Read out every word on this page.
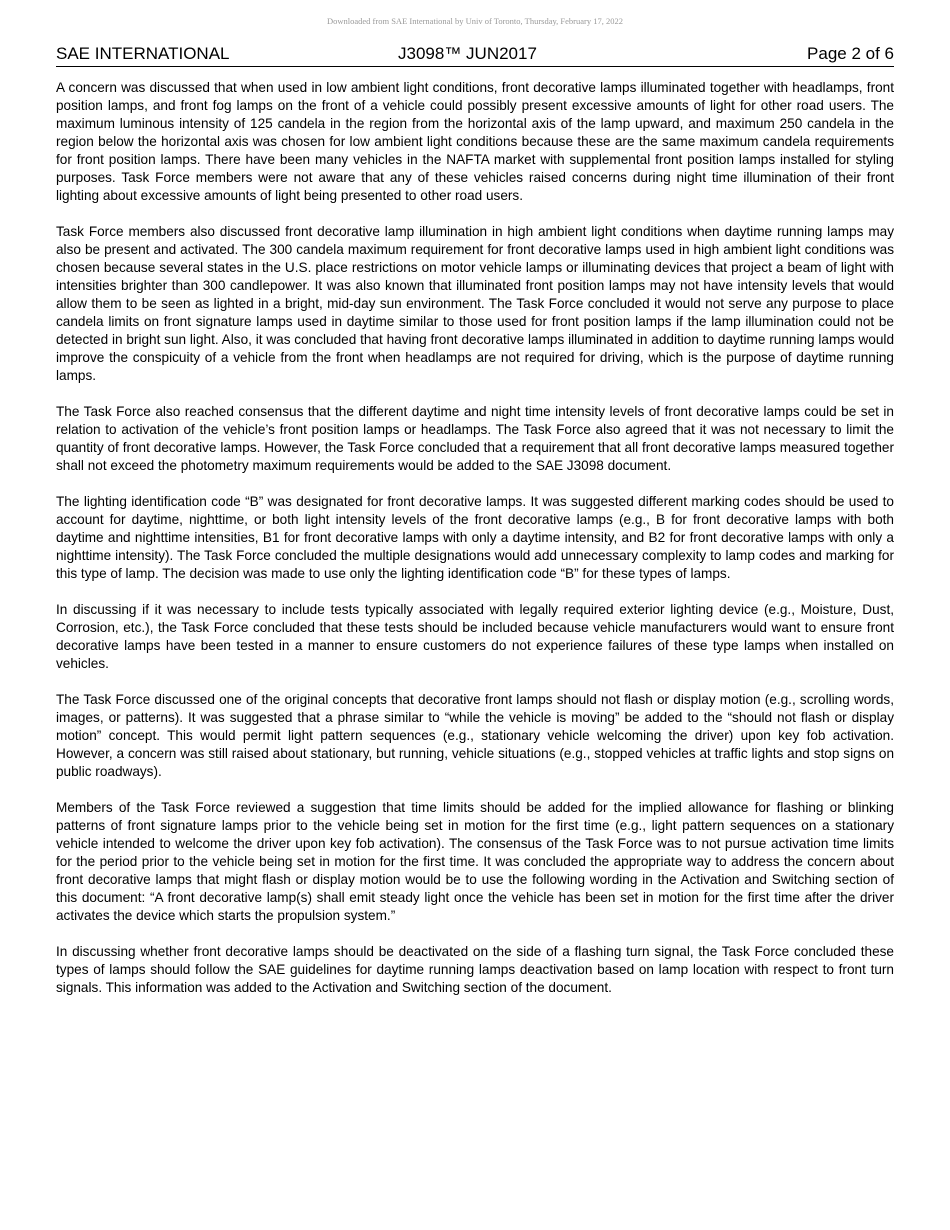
Downloaded from SAE International by Univ of Toronto, Thursday, February 17, 2022
SAE INTERNATIONAL	J3098™ JUN2017	Page 2 of 6

A concern was discussed that when used in low ambient light conditions, front decorative lamps illuminated together with headlamps, front position lamps, and front fog lamps on the front of a vehicle could possibly present excessive amounts of light for other road users. The maximum luminous intensity of 125 candela in the region from the horizontal axis of the lamp upward, and maximum 250 candela in the region below the horizontal axis was chosen for low ambient light conditions because these are the same maximum candela requirements for front position lamps. There have been many vehicles in the NAFTA market with supplemental front position lamps installed for styling purposes. Task Force members were not aware that any of these vehicles raised concerns during night time illumination of their front lighting about excessive amounts of light being presented to other road users.

Task Force members also discussed front decorative lamp illumination in high ambient light conditions when daytime running lamps may also be present and activated. The 300 candela maximum requirement for front decorative lamps used in high ambient light conditions was chosen because several states in the U.S. place restrictions on motor vehicle lamps or illuminating devices that project a beam of light with intensities brighter than 300 candlepower. It was also known that illuminated front position lamps may not have intensity levels that would allow them to be seen as lighted in a bright, mid-day sun environment. The Task Force concluded it would not serve any purpose to place candela limits on front signature lamps used in daytime similar to those used for front position lamps if the lamp illumination could not be detected in bright sun light. Also, it was concluded that having front decorative lamps illuminated in addition to daytime running lamps would improve the conspicuity of a vehicle from the front when headlamps are not required for driving, which is the purpose of daytime running lamps.

The Task Force also reached consensus that the different daytime and night time intensity levels of front decorative lamps could be set in relation to activation of the vehicle’s front position lamps or headlamps. The Task Force also agreed that it was not necessary to limit the quantity of front decorative lamps. However, the Task Force concluded that a requirement that all front decorative lamps measured together shall not exceed the photometry maximum requirements would be added to the SAE J3098 document.

The lighting identification code “B” was designated for front decorative lamps. It was suggested different marking codes should be used to account for daytime, nighttime, or both light intensity levels of the front decorative lamps (e.g., B for front decorative lamps with both daytime and nighttime intensities, B1 for front decorative lamps with only a daytime intensity, and B2 for front decorative lamps with only a nighttime intensity). The Task Force concluded the multiple designations would add unnecessary complexity to lamp codes and marking for this type of lamp. The decision was made to use only the lighting identification code “B” for these types of lamps.

In discussing if it was necessary to include tests typically associated with legally required exterior lighting device (e.g., Moisture, Dust, Corrosion, etc.), the Task Force concluded that these tests should be included because vehicle manufacturers would want to ensure front decorative lamps have been tested in a manner to ensure customers do not experience failures of these type lamps when installed on vehicles.

The Task Force discussed one of the original concepts that decorative front lamps should not flash or display motion (e.g., scrolling words, images, or patterns). It was suggested that a phrase similar to “while the vehicle is moving” be added to the “should not flash or display motion” concept. This would permit light pattern sequences (e.g., stationary vehicle welcoming the driver) upon key fob activation. However, a concern was still raised about stationary, but running, vehicle situations (e.g., stopped vehicles at traffic lights and stop signs on public roadways).

Members of the Task Force reviewed a suggestion that time limits should be added for the implied allowance for flashing or blinking patterns of front signature lamps prior to the vehicle being set in motion for the first time (e.g., light pattern sequences on a stationary vehicle intended to welcome the driver upon key fob activation). The consensus of the Task Force was to not pursue activation time limits for the period prior to the vehicle being set in motion for the first time. It was concluded the appropriate way to address the concern about front decorative lamps that might flash or display motion would be to use the following wording in the Activation and Switching section of this document: “A front decorative lamp(s) shall emit steady light once the vehicle has been set in motion for the first time after the driver activates the device which starts the propulsion system.”

In discussing whether front decorative lamps should be deactivated on the side of a flashing turn signal, the Task Force concluded these types of lamps should follow the SAE guidelines for daytime running lamps deactivation based on lamp location with respect to front turn signals. This information was added to the Activation and Switching section of the document.
